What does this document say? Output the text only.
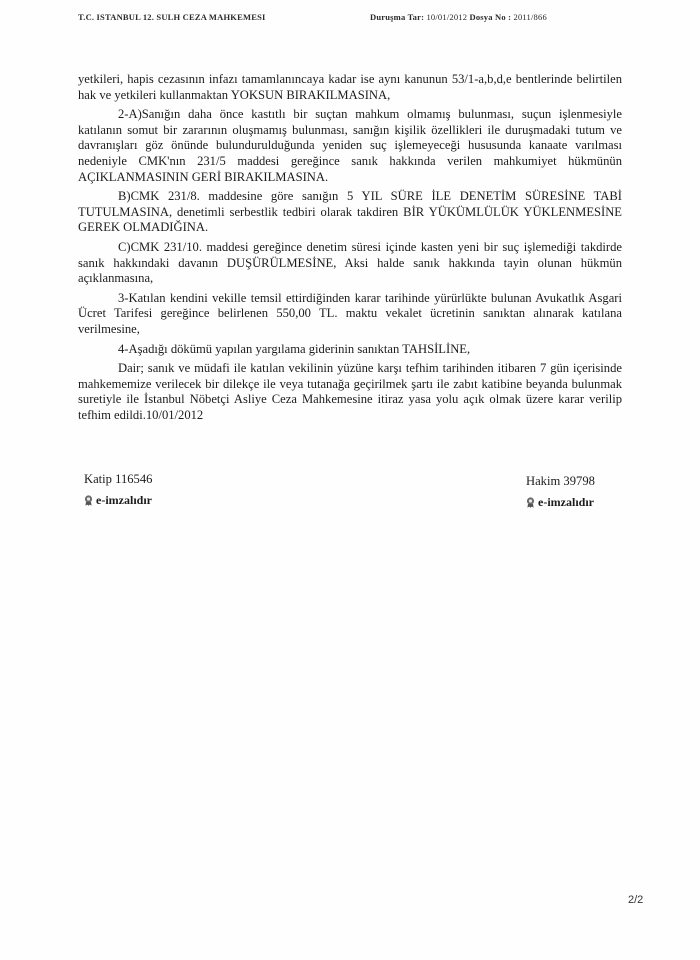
T.C. ISTANBUL 12. SULH CEZA MAHKEMESI	Duruşma Tar: 10/01/2012 Dosya No : 2011/866

yetkileri, hapis cezasının infazı tamamlanıncaya kadar ise aynı kanunun 53/1-a,b,d,e bentlerinde belirtilen hak ve yetkileri kullanmaktan YOKSUN BIRAKILMASINA,

2-A)Sanığın daha önce kastıtlı bir suçtan mahkum olmamış bulunması, suçun işlenmesiyle katılanın somut bir zararının oluşmamış bulunması, sanığın kişilik özellikleri ile duruşmadaki tutum ve davranışları göz önünde bulundurulduğunda yeniden suç işlemeyeceği hususunda kanaate varılması nedeniyle CMK'nın 231/5 maddesi gereğince sanık hakkında verilen mahkumiyet hükmünün AÇIKLANMASININ GERİ BIRAKILMASINA.

B)CMK 231/8. maddesine göre sanığın 5 YIL SÜRE İLE DENETİM SÜRESİNE TABİ TUTULMASINA, denetimli serbestlik tedbiri olarak takdiren BİR YÜKÜMLÜLÜK YÜKLENMESİNE GEREK OLMADIĞINA.

C)CMK 231/10. maddesi gereğince denetim süresi içinde kasten yeni bir suç işlemediği takdirde sanık hakkındaki davanın DUŞÜRÜLMESİNE, Aksi halde sanık hakkında tayin olunan hükmün açıklanmasına,

3-Katılan kendini vekille temsil ettirdiğinden karar tarihinde yürürlükte bulunan Avukatlık Asgari Ücret Tarifesi gereğince belirlenen 550,00 TL. maktu vekalet ücretinin sanıktan alınarak katılana verilmesine,

4-Aşadığı dökümü yapılan yargılama giderinin sanıktan TAHSİLİNE,

Dair; sanık ve müdafi ile katılan vekilinin yüzüne karşı tefhim tarihinden itibaren 7 gün içerisinde mahkememize verilecek bir dilekçe ile veya tutanağa geçirilmek şartı ile zabıt katibine beyanda bulunmak suretiyle ile İstanbul Nöbetçi Asliye Ceza Mahkemesine itiraz yasa yolu açık olmak üzere karar verilip tefhim edildi.10/01/2012

Katip 116546
e-imzalıdır
Hakim 39798
e-imzalıdır
2/2
